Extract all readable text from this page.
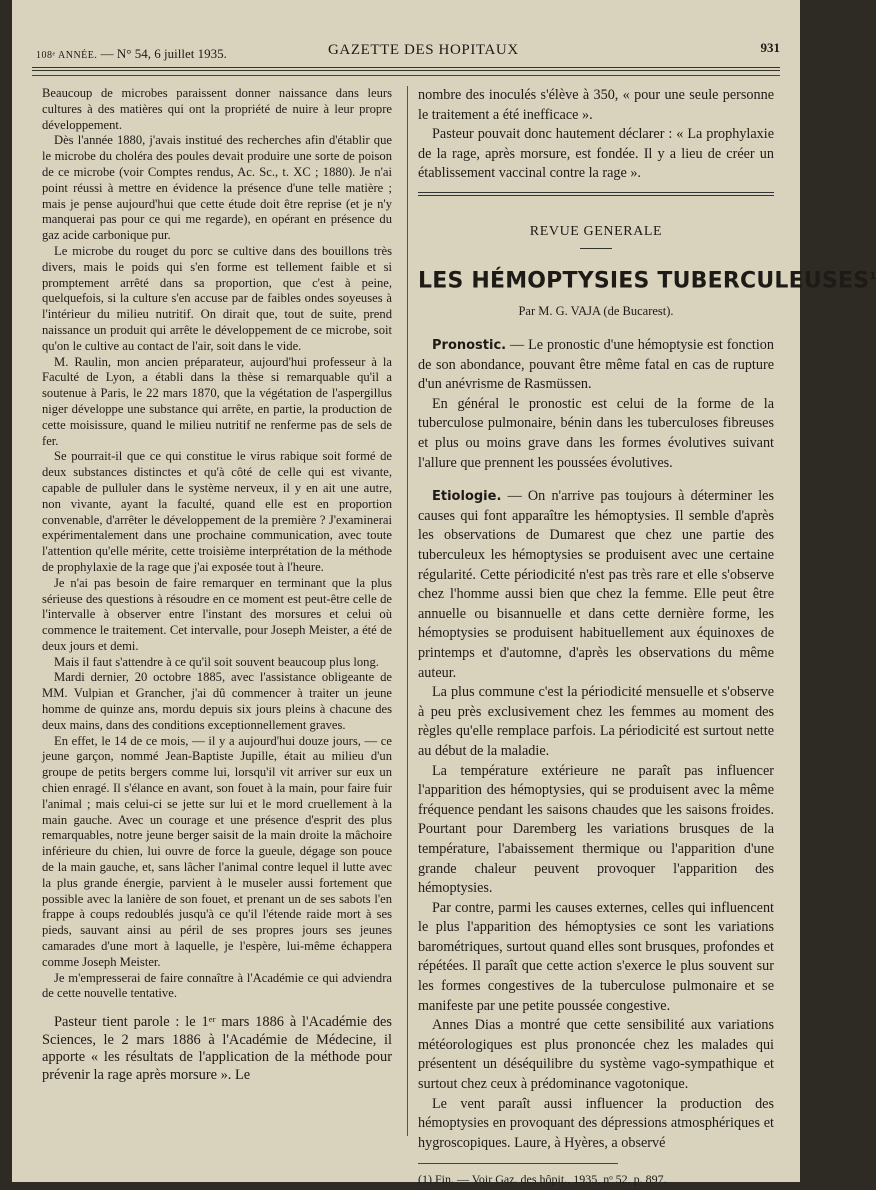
108ᵉ ANNÉE. — N° 54, 6 juillet 1935.	GAZETTE DES HOPITAUX	931

Beaucoup de microbes paraissent donner naissance dans leurs cultures à des matières qui ont la propriété de nuire à leur propre développement.

Dès l'année 1880, j'avais institué des recherches afin d'établir que le microbe du choléra des poules devait produire une sorte de poison de ce microbe (voir Comptes rendus, Ac. Sc., t. XC ; 1880). Je n'ai point réussi à mettre en évidence la présence d'une telle matière ; mais je pense aujourd'hui que cette étude doit être reprise (et je n'y manquerai pas pour ce qui me regarde), en opérant en présence du gaz acide carbonique pur.

Le microbe du rouget du porc se cultive dans des bouillons très divers, mais le poids qui s'en forme est tellement faible et si promptement arrêté dans sa proportion, que c'est à peine, quelquefois, si la culture s'en accuse par de faibles ondes soyeuses à l'intérieur du milieu nutritif. On dirait que, tout de suite, prend naissance un produit qui arrête le développement de ce microbe, soit qu'on le cultive au contact de l'air, soit dans le vide.

M. Raulin, mon ancien préparateur, aujourd'hui professeur à la Faculté de Lyon, a établi dans la thèse si remarquable qu'il a soutenue à Paris, le 22 mars 1870, que la végétation de l'aspergillus niger développe une substance qui arrête, en partie, la production de cette moisissure, quand le milieu nutritif ne renferme pas de sels de fer.

Se pourrait-il que ce qui constitue le virus rabique soit formé de deux substances distinctes et qu'à côté de celle qui est vivante, capable de pulluler dans le système nerveux, il y en ait une autre, non vivante, ayant la faculté, quand elle est en proportion convenable, d'arrêter le développement de la première ? J'examinerai expérimentalement dans une prochaine communication, avec toute l'attention qu'elle mérite, cette troisième interprétation de la méthode de prophylaxie de la rage que j'ai exposée tout à l'heure.

Je n'ai pas besoin de faire remarquer en terminant que la plus sérieuse des questions à résoudre en ce moment est peut-être celle de l'intervalle à observer entre l'instant des morsures et celui où commence le traitement. Cet intervalle, pour Joseph Meister, a été de deux jours et demi.

Mais il faut s'attendre à ce qu'il soit souvent beaucoup plus long.

Mardi dernier, 20 octobre 1885, avec l'assistance obligeante de MM. Vulpian et Grancher, j'ai dû commencer à traiter un jeune homme de quinze ans, mordu depuis six jours pleins à chacune des deux mains, dans des conditions exceptionnellement graves.

En effet, le 14 de ce mois, — il y a aujourd'hui douze jours, — ce jeune garçon, nommé Jean-Baptiste Jupille, était au milieu d'un groupe de petits bergers comme lui, lorsqu'il vit arriver sur eux un chien enragé. Il s'élance en avant, son fouet à la main, pour faire fuir l'animal ; mais celui-ci se jette sur lui et le mord cruellement à la main gauche. Avec un courage et une présence d'esprit des plus remarquables, notre jeune berger saisit de la main droite la mâchoire inférieure du chien, lui ouvre de force la gueule, dégage son pouce de la main gauche, et, sans lâcher l'animal contre lequel il lutte avec la plus grande énergie, parvient à le museler aussi fortement que possible avec la lanière de son fouet, et prenant un de ses sabots l'en frappe à coups redoublés jusqu'à ce qu'il l'étende raide mort à ses pieds, sauvant ainsi au péril de ses propres jours ses jeunes camarades d'une mort à laquelle, je l'espère, lui-même échappera comme Joseph Meister.

Je m'empresserai de faire connaître à l'Académie ce qui adviendra de cette nouvelle tentative.

Pasteur tient parole : le 1ᵉʳ mars 1886 à l'Académie des Sciences, le 2 mars 1886 à l'Académie de Médecine, il apporte « les résultats de l'application de la méthode pour prévenir la rage après morsure ». Le

nombre des inoculés s'élève à 350, « pour une seule personne le traitement a été inefficace ».

Pasteur pouvait donc hautement déclarer : « La prophylaxie de la rage, après morsure, est fondée. Il y a lieu de créer un établissement vaccinal contre la rage ».

REVUE GENERALE
LES HÉMOPTYSIES TUBERCULEUSES$^1$
Par M. G. VAJA (de Bucarest).

Pronostic. — Le pronostic d'une hémoptysie est fonction de son abondance, pouvant être même fatal en cas de rupture d'un anévrisme de Rasmüssen.

En général le pronostic est celui de la forme de la tuberculose pulmonaire, bénin dans les tuberculoses fibreuses et plus ou moins grave dans les formes évolutives suivant l'allure que prennent les poussées évolutives.

Etiologie. — On n'arrive pas toujours à déterminer les causes qui font apparaître les hémoptysies. Il semble d'après les observations de Dumarest que chez une partie des tuberculeux les hémoptysies se produisent avec une certaine régularité. Cette périodicité n'est pas très rare et elle s'observe chez l'homme aussi bien que chez la femme. Elle peut être annuelle ou bisannuelle et dans cette dernière forme, les hémoptysies se produisent habituellement aux équinoxes de printemps et d'automne, d'après les observations du même auteur.

La plus commune c'est la périodicité mensuelle et s'observe à peu près exclusivement chez les femmes au moment des règles qu'elle remplace parfois. La périodicité est surtout nette au début de la maladie.

La température extérieure ne paraît pas influencer l'apparition des hémoptysies, qui se produisent avec la même fréquence pendant les saisons chaudes que les saisons froides. Pourtant pour Daremberg les variations brusques de la température, l'abaissement thermique ou l'apparition d'une grande chaleur peuvent provoquer l'apparition des hémoptysies.

Par contre, parmi les causes externes, celles qui influencent le plus l'apparition des hémoptysies ce sont les variations barométriques, surtout quand elles sont brusques, profondes et répétées. Il paraît que cette action s'exerce le plus souvent sur les formes congestives de la tuberculose pulmonaire et se manifeste par une petite poussée congestive.

Annes Dias a montré que cette sensibilité aux variations météorologiques est plus prononcée chez les malades qui présentent un déséquilibre du système vago-sympathique et surtout chez ceux à prédominance vagotonique.

Le vent paraît aussi influencer la production des hémoptysies en provoquant des dépressions atmosphériques et hygroscopiques. Laure, à Hyères, a observé

(1) Fin. — Voir Gaz. des hôpit., 1935, nᵒ 52, p. 897.
